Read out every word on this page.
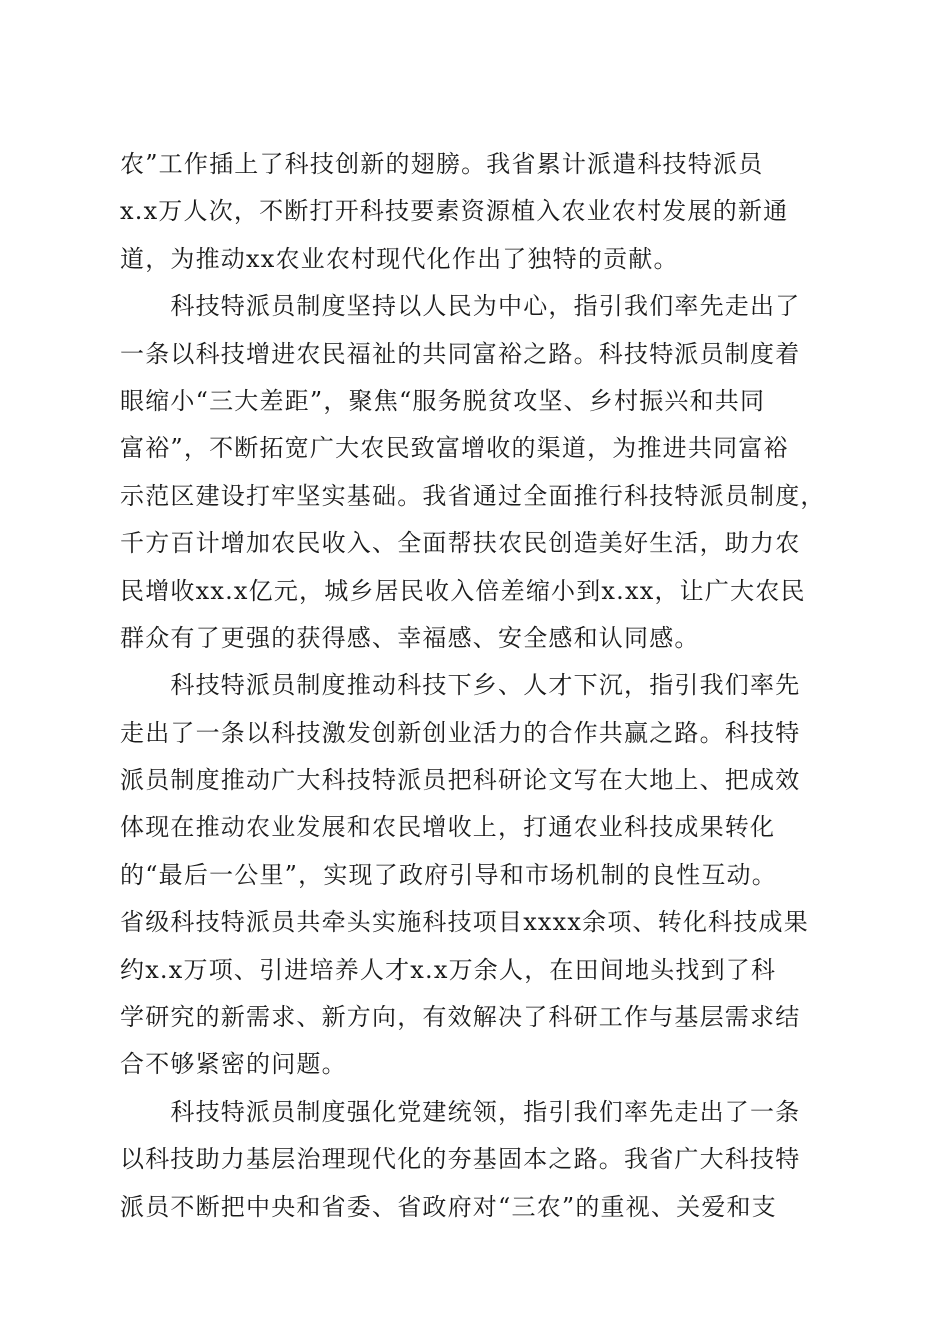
农”工作插上了科技创新的翅膀。我省累计派遣科技特派员
x.x万人次，不断打开科技要素资源植入农业农村发展的新通
道，为推动xx农业农村现代化作出了独特的贡献。
　　科技特派员制度坚持以人民为中心，指引我们率先走出了
一条以科技增进农民福祉的共同富裕之路。科技特派员制度着
眼缩小“三大差距”，聚焦“服务脱贫攻坚、乡村振兴和共同
富裕”，不断拓宽广大农民致富增收的渠道，为推进共同富裕
示范区建设打牢坚实基础。我省通过全面推行科技特派员制度，
千方百计增加农民收入、全面帮扶农民创造美好生活，助力农
民增收xx.x亿元，城乡居民收入倍差缩小到x.xx，让广大农民
群众有了更强的获得感、幸福感、安全感和认同感。
　　科技特派员制度推动科技下乡、人才下沉，指引我们率先
走出了一条以科技激发创新创业活力的合作共赢之路。科技特
派员制度推动广大科技特派员把科研论文写在大地上、把成效
体现在推动农业发展和农民增收上，打通农业科技成果转化
的“最后一公里”，实现了政府引导和市场机制的良性互动。
省级科技特派员共牵头实施科技项目xxxx余项、转化科技成果
约x.x万项、引进培养人才x.x万余人，在田间地头找到了科
学研究的新需求、新方向，有效解决了科研工作与基层需求结
合不够紧密的问题。
　　科技特派员制度强化党建统领，指引我们率先走出了一条
以科技助力基层治理现代化的夯基固本之路。我省广大科技特
派员不断把中央和省委、省政府对“三农”的重视、关爱和支
